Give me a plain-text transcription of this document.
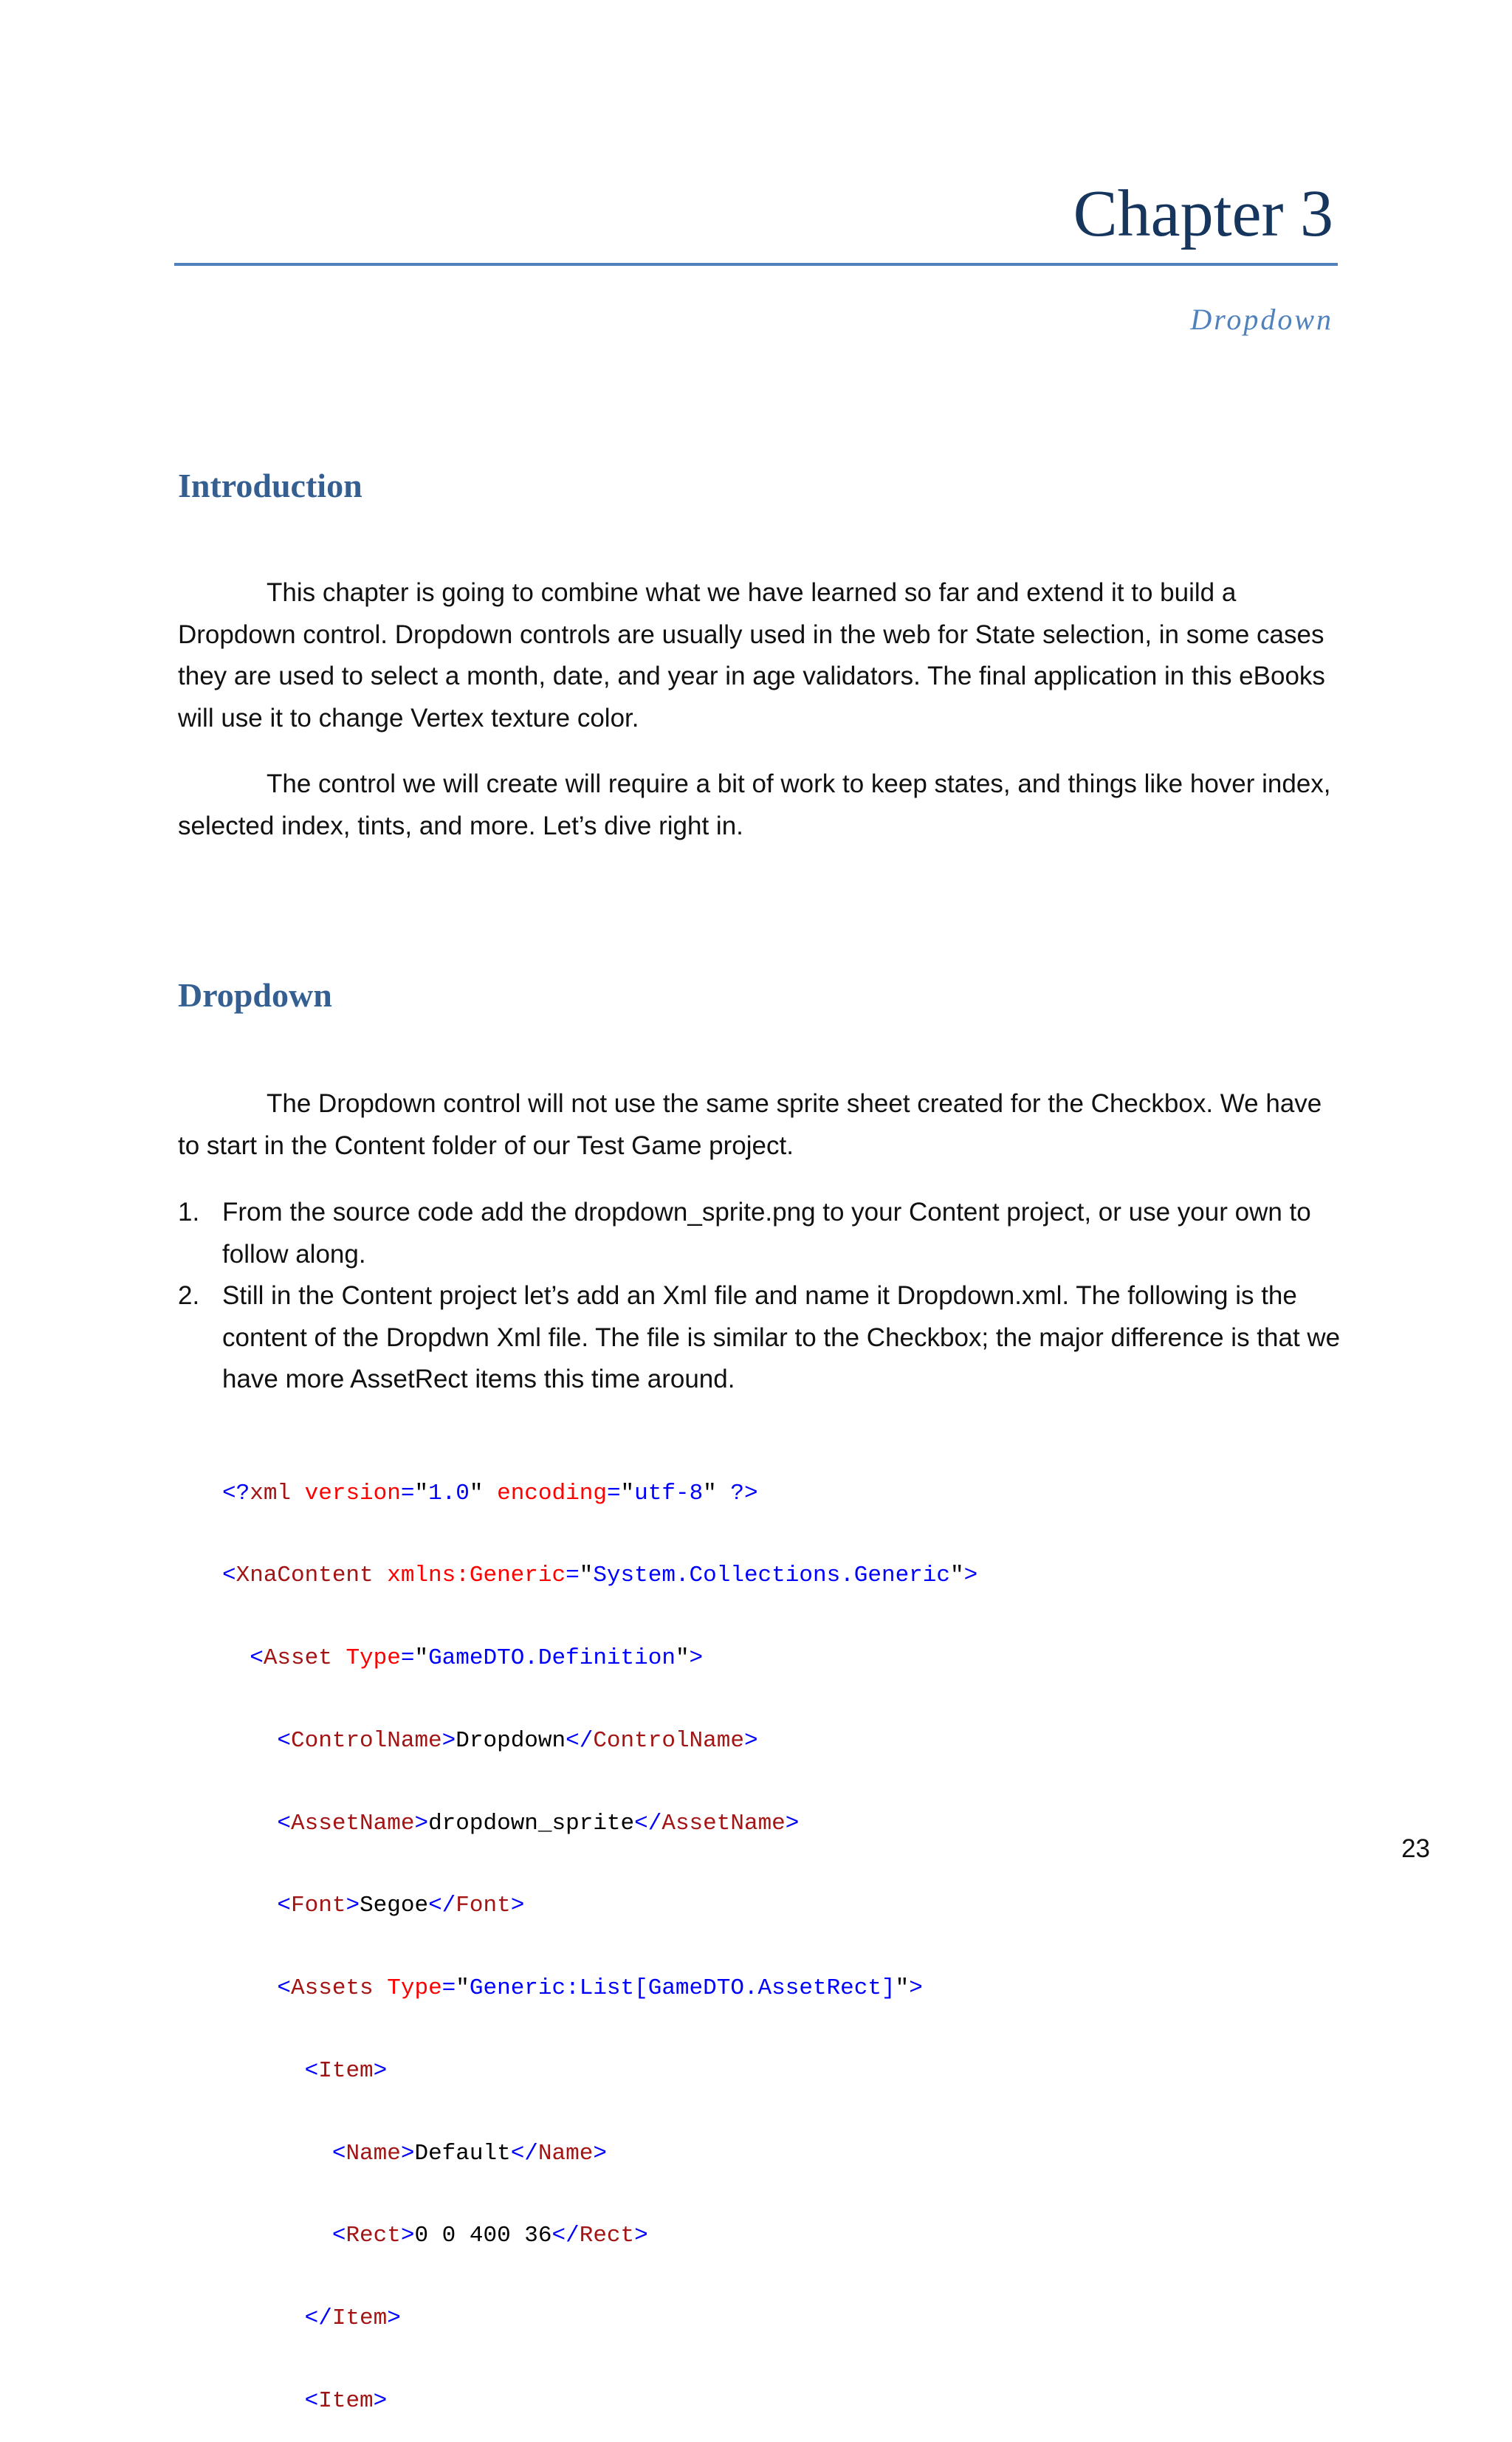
Chapter 3
Dropdown
Introduction

This chapter is going to combine what we have learned so far and extend it to build a Dropdown control. Dropdown controls are usually used in the web for State selection, in some cases they are used to select a month, date, and year in age validators. The final application in this eBooks will use it to change Vertex texture color.

The control we will create will require a bit of work to keep states, and things like hover index, selected index, tints, and more. Let’s dive right in.

Dropdown

The Dropdown control will not use the same sprite sheet created for the Checkbox. We have to start in the Content folder of our Test Game project.

1. From the source code add the dropdown_sprite.png to your Content project, or use your own to follow along.
2. Still in the Content project let’s add an Xml file and name it Dropdown.xml. The following is the content of the Dropdwn Xml file. The file is similar to the Checkbox; the major difference is that we have more AssetRect items this time around.

<?xml version="1.0" encoding="utf-8" ?>

<XnaContent xmlns:Generic="System.Collections.Generic">

<Asset Type="GameDTO.Definition">

<ControlName>Dropdown</ControlName>

<AssetName>dropdown_sprite</AssetName>

<Font>Segoe</Font>

<Assets Type="Generic:List[GameDTO.AssetRect]">

<Item>

<Name>Default</Name>

<Rect>0 0 400 36</Rect>

</Item>

<Item>

23
